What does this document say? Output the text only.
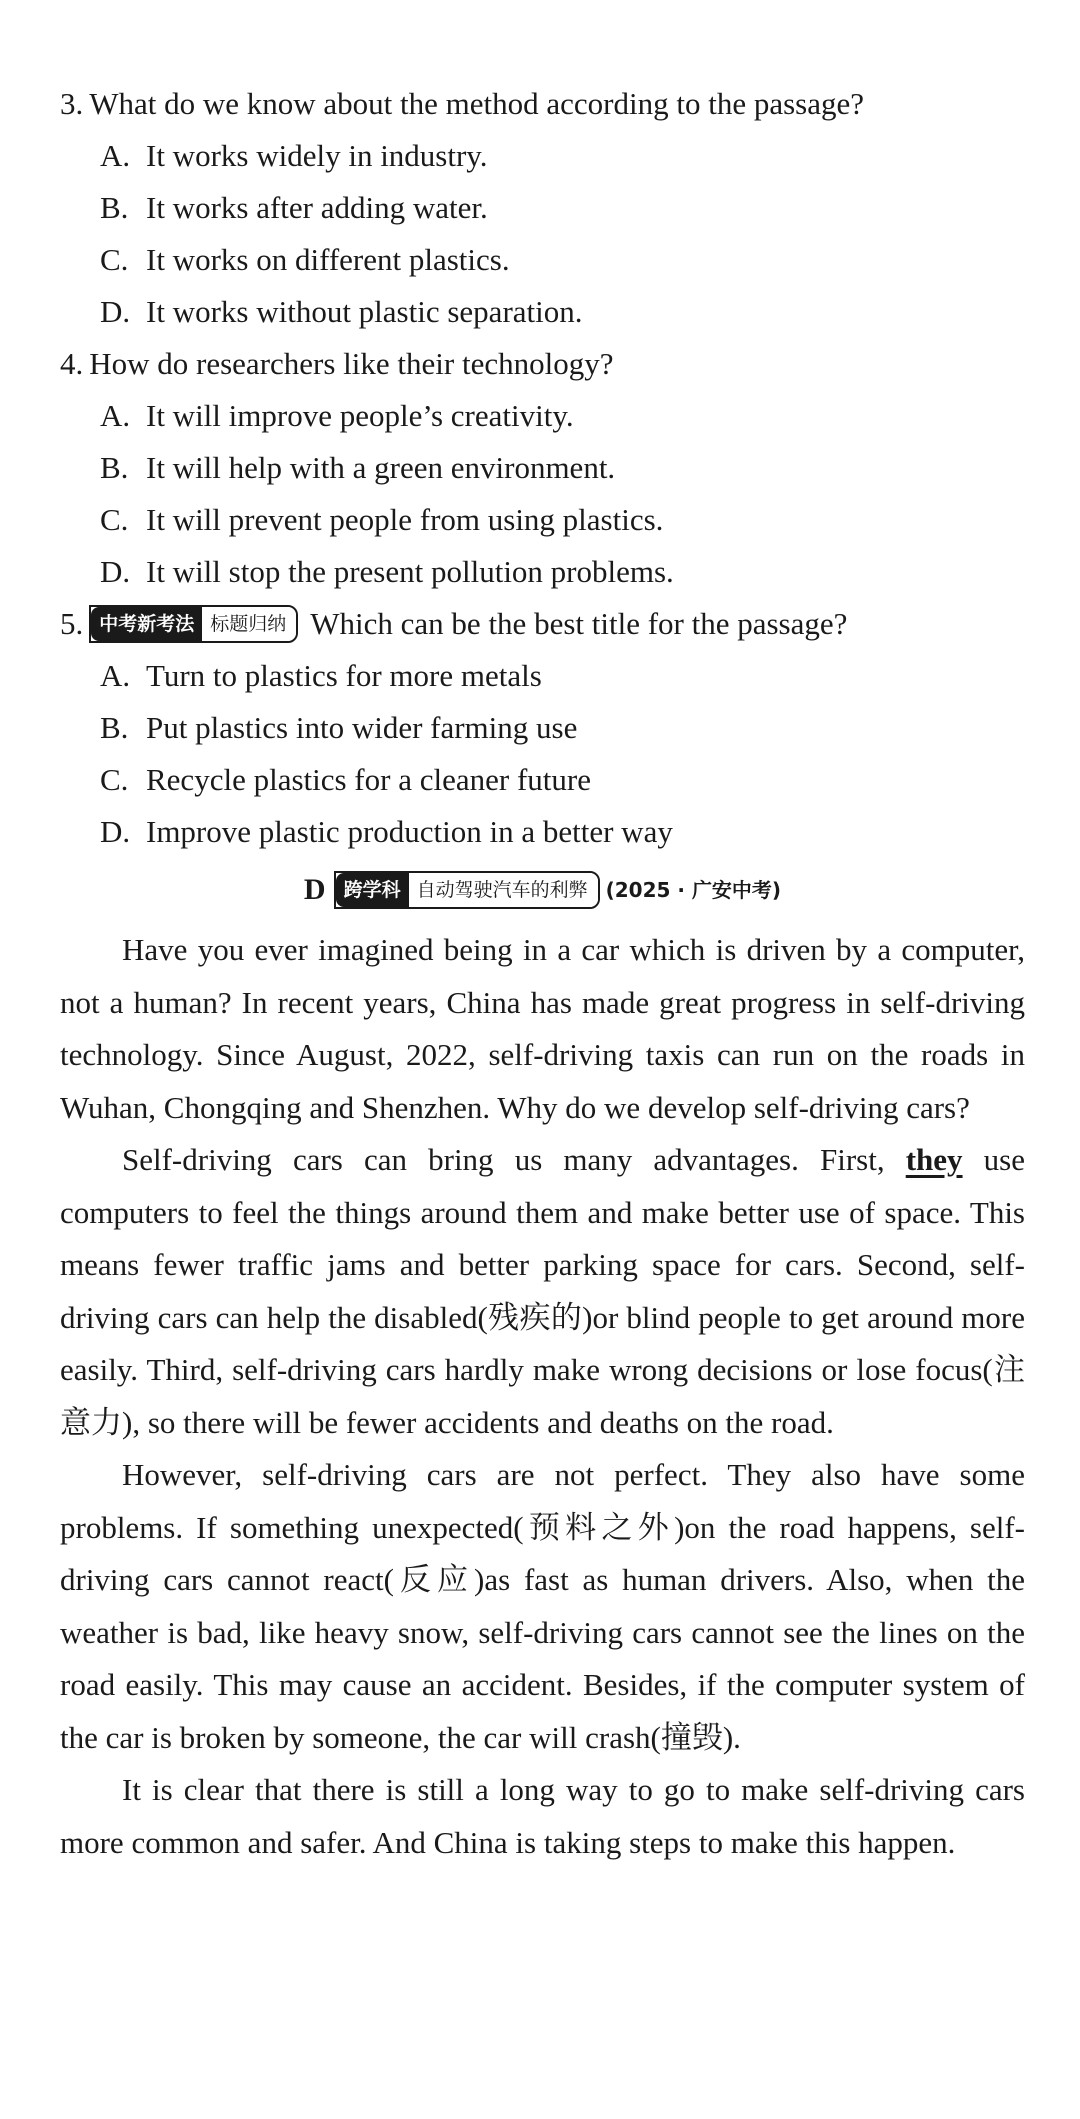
3. What do we know about the method according to the passage?
A. It works widely in industry.
B. It works after adding water.
C. It works on different plastics.
D. It works without plastic separation.
4. How do researchers like their technology?
A. It will improve people’s creativity.
B. It will help with a green environment.
C. It will prevent people from using plastics.
D. It will stop the present pollution problems.
5. 中考新考法 标题归纳 Which can be the best title for the passage?
A. Turn to plastics for more metals
B. Put plastics into wider farming use
C. Recycle plastics for a cleaner future
D. Improve plastic production in a better way
D 跨学科 自动驾驶汽车的利弊 (2025 · 广安中考)

Have you ever imagined being in a car which is driven by a computer, not a human? In recent years, China has made great progress in self-driving technology. Since August, 2022, self-driving taxis can run on the roads in Wuhan, Chongqing and Shenzhen. Why do we develop self-driving cars?

Self-driving cars can bring us many advantages. First, they use computers to feel the things around them and make better use of space. This means fewer traffic jams and better parking space for cars. Second, self-driving cars can help the disabled(残疾的)or blind people to get around more easily. Third, self-driving cars hardly make wrong decisions or lose focus(注意力), so there will be fewer accidents and deaths on the road.

However, self-driving cars are not perfect. They also have some problems. If something unexpected(预料之外)on the road happens, self-driving cars cannot react(反应)as fast as human drivers. Also, when the weather is bad, like heavy snow, self-driving cars cannot see the lines on the road easily. This may cause an accident. Besides, if the computer system of the car is broken by someone, the car will crash(撞毁).

It is clear that there is still a long way to go to make self-driving cars more common and safer. And China is taking steps to make this happen.
